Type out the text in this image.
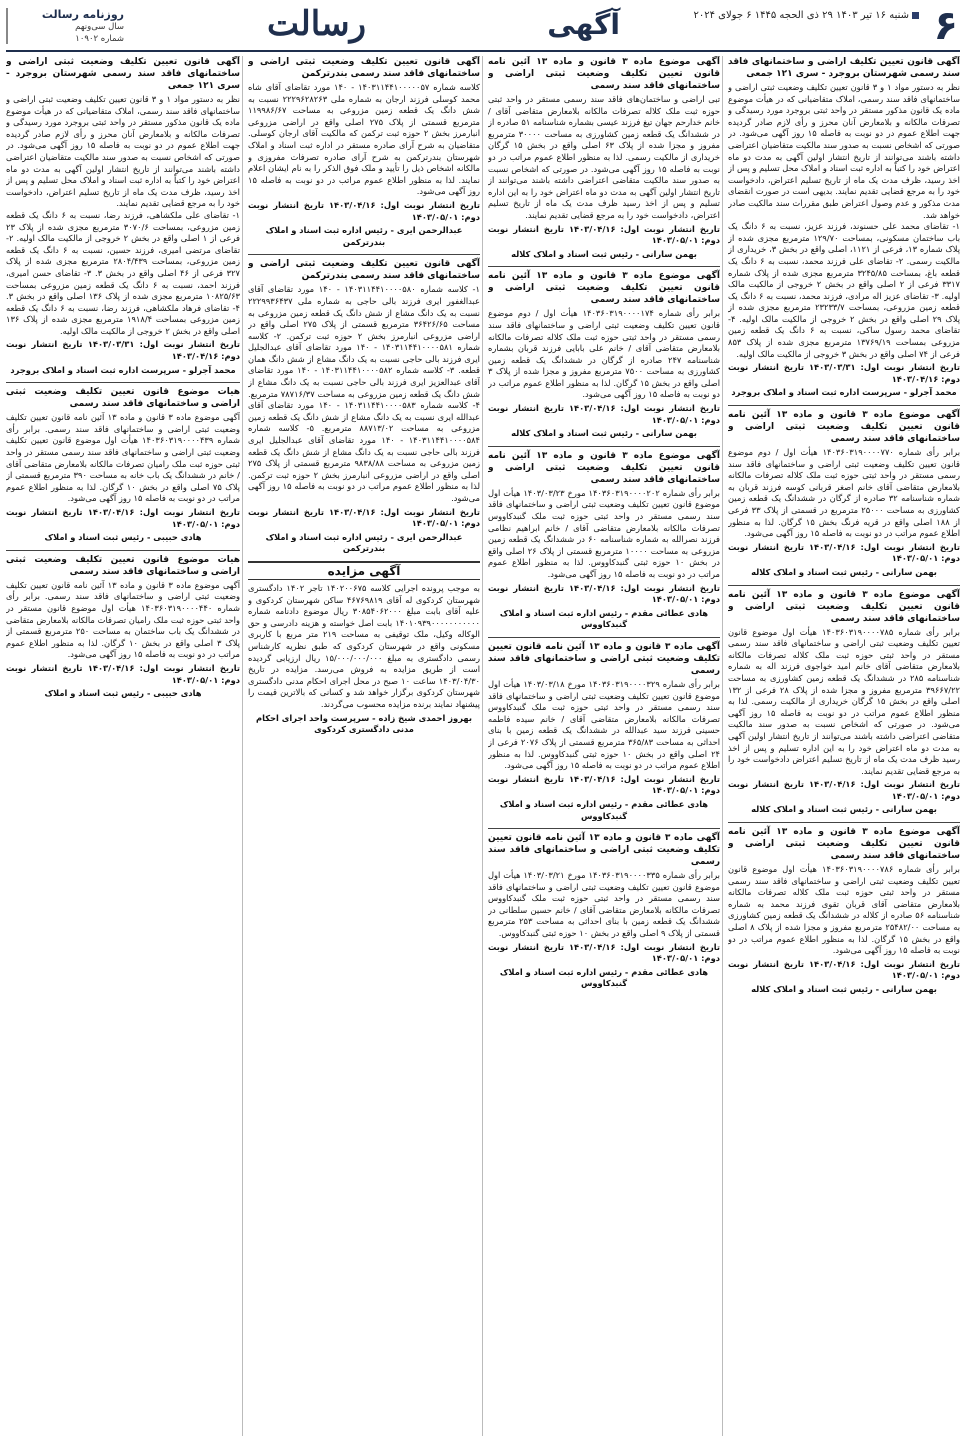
۶
شنبه ۱۶ تیر ۱۴۰۳ ۲۹ ذی الحجه ۱۴۴۵ ۶ جولای ۲۰۲۴
آگهی
رسالت
روزنامه رسالت
سال سی‌ونهم
شماره ۱۰۹۰۲
آگهی قانون تعیین تکلیف اراضی و ساختمانهای فاقد سند رسمی شهرستان بروجرد - سری ۱۲۱ جمعی

نظر به دستور مواد ۱ و ۳ قانون تعیین تکلیف وضعیت ثبتی اراضی و ساختمانهای فاقد سند رسمی، املاک متقاضیانی که در هیأت موضوع ماده یک قانون مذکور مستقر در واحد ثبتی بروجرد مورد رسیدگی و تصرفات مالکانه و بلامعارض آنان محرز و رأی لازم صادر گردیده جهت اطلاع عموم در دو نوبت به فاصله ۱۵ روز آگهی می‌شود. در صورتی که اشخاص نسبت به صدور سند مالکیت متقاضیان اعتراضی داشته باشند می‌توانند از تاریخ انتشار اولین آگهی به مدت دو ماه اعتراض خود را کتباً به اداره ثبت اسناد و املاک محل تسلیم و پس از اخذ رسید، ظرف مدت یک ماه از تاریخ تسلیم اعتراض، دادخواست خود را به مرجع قضایی تقدیم نمایند. بدیهی است در صورت انقضای مدت مذکور و عدم وصول اعتراض طبق مقررات سند مالکیت صادر خواهد شد.

۱- تقاضای محمد علی حسنوند، فرزند عزیز، نسبت به ۶ دانگ یک باب ساختمان مسکونی، بمساحت ۱۲۹/۷۰ مترمربع مجزی شده از پلاک شماره ۱۳، فرعی از ۱۱۲۱، اصلی واقع در بخش ۳، خریداری از مالکیت رسمی. ۲- تقاضای علی فرزند محمد، نسبت به ۶ دانگ یک قطعه باغ، بمساحت ۳۲۴۵/۸۵ مترمربع مجزی شده از پلاک شماره ۳۳۱۷ فرعی از ۲ اصلی واقع در بخش ۲ خروجی از مالکیت مالک اولیه. ۳- تقاضای عزیز اله مرادی، فرزند محمد، نسبت به ۶ دانگ یک قطعه زمین مزروعی، بمساحت ۲۳۲۳۳/۷ مترمربع مجزی شده از پلاک ۲۹ اصلی واقع در بخش ۲ خروجی از مالکیت مالک اولیه. ۴- تقاضای محمد رسول ساکی، نسبت به ۶ دانگ یک قطعه زمین مزروعی بمساحت ۱۳۷۶۹/۱۹ مترمربع مجزی شده از پلاک ۸۵۳ فرعی از ۷۴ اصلی واقع در بخش ۳ خروجی از مالکیت مالک اولیه.

تاریخ انتشار نوبت اول: ۱۴۰۳/۰۳/۳۱ تاریخ انتشار نوبت دوم: ۱۴۰۳/۰۴/۱۶
محمد آجرلو - سرپرست اداره ثبت اسناد و املاک بروجرد
آگهی موضوع ماده ۳ قانون و ماده ۱۳ آئین نامه قانون تعیین تکلیف وضعیت ثبتی اراضی و ساختمانهای فاقد سند رسمی

برابر رأی شماره ۱۴۰۳۶۰۳۱۹۰۰۰۰۷۷۰ هیأت اول / دوم موضوع قانون تعیین تکلیف وضعیت ثبتی اراضی و ساختمانهای فاقد سند رسمی مستقر در واحد ثبتی حوزه ثبت ملک کلاله تصرفات مالکانه بلامعارض متقاضی آقای خانم اصغر قربانی کوسه فرزند قربان به شماره شناسنامه ۳۲ صادره از گرگان در ششدانگ یک قطعه زمین کشاورزی به مساحت ۲۵۰۰۰ مترمربع در قسمتی از پلاک ۳۳ فرعی از ۱۸۸ اصلی واقع در قریه فرنگ بخش ۱۵ گرگان. لذا به منظور اطلاع عموم مراتب در دو نوبت به فاصله ۱۵ روز آگهی می‌شود.

تاریخ انتشار نوبت اول: ۱۴۰۳/۰۴/۱۶ تاریخ انتشار نوبت دوم: ۱۴۰۳/۰۵/۰۱
بهمن سارانی - رئیس ثبت اسناد و املاک کلاله
آگهی موضوع ماده ۳ قانون و ماده ۱۳ آئین نامه قانون تعیین تکلیف وضعیت ثبتی اراضی و ساختمانهای فاقد سند رسمی

برابر رأی شماره ۱۴۰۳۶۰۳۱۹۰۰۰۰۷۸۵ هیأت اول موضوع قانون تعیین تکلیف وضعیت ثبتی اراضی و ساختمانهای فاقد سند رسمی مستقر در واحد ثبتی حوزه ثبت ملک کلاله تصرفات مالکانه بلامعارض متقاضی آقای خانم امید خواجوی فرزند اله به شماره شناسنامه ۲۸۵ در ششدانگ یک قطعه زمین کشاورزی به مساحت ۳۹۶۶۷/۲۲ مترمربع مفروز و مجزا شده از پلاک ۲۸ فرعی از ۱۳۲ اصلی واقع در بخش ۱۵ گرگان خریداری از مالکیت رسمی. لذا به منظور اطلاع عموم مراتب در دو نوبت به فاصله ۱۵ روز آگهی می‌شود. در صورتی که اشخاص نسبت به صدور سند مالکیت متقاضی اعتراضی داشته باشند می‌توانند از تاریخ انتشار اولین آگهی به مدت دو ماه اعتراض خود را به این اداره تسلیم و پس از اخذ رسید ظرف مدت یک ماه از تاریخ تسلیم اعتراض دادخواست خود را به مرجع قضایی تقدیم نمایند.

تاریخ انتشار نوبت اول: ۱۴۰۳/۰۴/۱۶ تاریخ انتشار نوبت دوم: ۱۴۰۳/۰۵/۰۱
بهمن سارانی - رئیس ثبت اسناد و املاک کلاله
آگهی موضوع ماده ۳ قانون و ماده ۱۳ آئین نامه قانون تعیین تکلیف وضعیت ثبتی اراضی و ساختمانهای فاقد سند رسمی

برابر رأی شماره ۱۴۰۳۶۰۳۱۹۰۰۰۰۷۸۶ هیأت اول موضوع قانون تعیین تکلیف وضعیت ثبتی اراضی و ساختمانهای فاقد سند رسمی مستقر در واحد ثبتی حوزه ثبت ملک کلاله تصرفات مالکانه بلامعارض متقاضی آقای قربان تقوی فرزند محمد به شماره شناسنامه ۵۶ صادره از کلاله در ششدانگ یک قطعه زمین کشاورزی به مساحت ۲۵۴۸۲/۰۰ مترمربع مفروز و مجزا شده از پلاک ۸ اصلی واقع در بخش ۱۵ گرگان. لذا به منظور اطلاع عموم مراتب در دو نوبت به فاصله ۱۵ روز آگهی می‌شود.

تاریخ انتشار نوبت اول: ۱۴۰۳/۰۴/۱۶ تاریخ انتشار نوبت دوم: ۱۴۰۳/۰۵/۰۱
بهمن سارانی - رئیس ثبت اسناد و املاک کلاله
آگهی موضوع ماده ۳ قانون و ماده ۱۳ آئین نامه قانون تعیین تکلیف وضعیت ثبتی اراضی و ساختمانهای فاقد سند رسمی

تبی اراضی و ساختمان‌های فاقد سند رسمی مستقر در واحد ثبتی حوزه ثبت ملک کلاله تصرفات مالکانه بلامعارض متقاضی آقای / خانم خدارحم جهان تیغ فرزند عیسی بشماره شناسنامه ۵۱ صادره از در ششدانگ یک قطعه زمین کشاورزی به مساحت ۳۰۰۰۰ مترمربع مفروز و مجزا شده از پلاک ۶۳ اصلی واقع در بخش ۱۵ گرگان خریداری از مالکیت رسمی. لذا به منظور اطلاع عموم مراتب در دو نوبت به فاصله ۱۵ روز آگهی می‌شود. در صورتی که اشخاص نسبت به صدور سند مالکیت متقاضی اعتراضی داشته باشند می‌توانند از تاریخ انتشار اولین آگهی به مدت دو ماه اعتراض خود را به این اداره تسلیم و پس از اخذ رسید ظرف مدت یک ماه از تاریخ تسلیم اعتراض، دادخواست خود را به مرجع قضایی تقدیم نمایند.

تاریخ انتشار نوبت اول: ۱۴۰۳/۰۴/۱۶ تاریخ انتشار نوبت دوم: ۱۴۰۳/۰۵/۰۱
بهمن سارانی - رئیس ثبت اسناد و املاک کلاله
آگهی موضوع ماده ۳ قانون و ماده ۱۳ آئین نامه قانون تعیین تکلیف وضعیت ثبتی اراضی و ساختمانهای فاقد سند رسمی

برابر رأی شماره ۱۴۰۳۶۰۳۱۹۰۰۰۰۱۷۴ هیأت اول / دوم موضوع قانون تعیین تکلیف وضعیت ثبتی اراضی و ساختمانهای فاقد سند رسمی مستقر در واحد ثبتی حوزه ثبت ملک کلاله تصرفات مالکانه بلامعارض متقاضی آقای / خانم علی بابایی فرزند قربان بشماره شناسنامه ۲۴۷ صادره از گرگان در ششدانگ یک قطعه زمین کشاورزی به مساحت ۷۵۰۰ مترمربع مفروز و مجزا شده از پلاک ۳ اصلی واقع در بخش ۱۵ گرگان. لذا به منظور اطلاع عموم مراتب در دو نوبت به فاصله ۱۵ روز آگهی می‌شود.

تاریخ انتشار نوبت اول: ۱۴۰۳/۰۴/۱۶ تاریخ انتشار نوبت دوم: ۱۴۰۳/۰۵/۰۱
بهمن سارانی - رئیس ثبت اسناد و املاک کلاله
آگهی موضوع ماده ۳ قانون و ماده ۱۳ آئین نامه قانون تعیین تکلیف وضعیت ثبتی اراضی و ساختمانهای فاقد سند رسمی

برابر رأی شماره ۱۴۰۳۶۰۳۱۹۰۰۰۰۲۰۲ مورخ ۱۴۰۳/۰۳/۲۳ هیأت اول موضوع قانون تعیین تکلیف وضعیت ثبتی اراضی و ساختمانهای فاقد سند رسمی مستقر در واحد ثبتی حوزه ثبت ملک گنبدکاووس تصرفات مالکانه بلامعارض متقاضی آقای / خانم ابراهیم نظامی فرزند نصرالله به شماره شناسنامه ۶۰ در ششدانگ یک قطعه زمین مزروعی به مساحت ۱۰۰۰۰ مترمربع قسمتی از پلاک ۲۶ اصلی واقع در بخش ۱۰ حوزه ثبتی گنبدکاووس. لذا به منظور اطلاع عموم مراتب در دو نوبت به فاصله ۱۵ روز آگهی می‌شود.

تاریخ انتشار نوبت اول: ۱۴۰۳/۰۴/۱۶ تاریخ انتشار نوبت دوم: ۱۴۰۳/۰۵/۰۱
هادی عطائی مقدم - رئیس اداره ثبت اسناد و املاک گنبدکاووس
آگهی ماده ۳ قانون و ماده ۱۳ آئین نامه قانون تعیین تکلیف وضعیت ثبتی اراضی و ساختمانهای فاقد سند رسمی

برابر رأی شماره ۱۴۰۳۶۰۳۱۹۰۰۰۰۳۲۹ مورخ ۱۴۰۳/۰۳/۱۸ هیأت اول موضوع قانون تعیین تکلیف وضعیت ثبتی اراضی و ساختمانهای فاقد سند رسمی مستقر در واحد ثبتی حوزه ثبت ملک گنبدکاووس تصرفات مالکانه بلامعارض متقاضی آقای / خانم سیده فاطمه حسینی فرزند سید عبدالله در ششدانگ یک قطعه زمین با بنای احداثی به مساحت ۳۶۵/۸۳ مترمربع قسمتی از پلاک ۲۰۷۶ فرعی از ۲۴ اصلی واقع در بخش ۱۰ حوزه ثبتی گنبدکاووس. لذا به منظور اطلاع عموم مراتب در دو نوبت به فاصله ۱۵ روز آگهی می‌شود.

تاریخ انتشار نوبت اول: ۱۴۰۳/۰۴/۱۶ تاریخ انتشار نوبت دوم: ۱۴۰۳/۰۵/۰۱
هادی عطائی مقدم - رئیس اداره ثبت اسناد و املاک گنبدکاووس
آگهی ماده ۳ قانون و ماده ۱۳ آئین نامه قانون تعیین تکلیف وضعیت ثبتی اراضی و ساختمانهای فاقد سند رسمی

برابر رأی شماره ۱۴۰۳۶۰۳۱۹۰۰۰۰۳۳۵ مورخ ۱۴۰۳/۰۳/۲۱ هیأت اول موضوع قانون تعیین تکلیف وضعیت ثبتی اراضی و ساختمانهای فاقد سند رسمی مستقر در واحد ثبتی حوزه ثبت ملک گنبدکاووس تصرفات مالکانه بلامعارض متقاضی آقای / خانم حسین سلطانی در ششدانگ یک قطعه زمین با بنای احداثی به مساحت ۲۵۳ مترمربع قسمتی از پلاک ۹ اصلی واقع در بخش ۱۰ حوزه ثبتی گنبدکاووس.

تاریخ انتشار نوبت اول: ۱۴۰۳/۰۴/۱۶ تاریخ انتشار نوبت دوم: ۱۴۰۳/۰۵/۰۱
هادی عطائی مقدم - رئیس اداره ثبت اسناد و املاک گنبدکاووس
آگهی قانون تعیین تکلیف وضعیت ثبتی اراضی و ساختمانهای فاقد سند رسمی بندرترکمن

کلاسه شماره ۱۴۰۳۱۱۴۴۱۰۰۰۰۰۵۷ - ۱۴۰ مورد تقاضای آقای شاه محمد کوسلی فرزند ارجان به شماره ملی ۲۲۲۹۶۲۸۲۶۳ نسبت به شش دانگ یک قطعه زمین مزروعی به مساحت ۱۱۹۹۸۶/۶۷ مترمربع قسمتی از پلاک ۲۷۵ اصلی واقع در اراضی مزروعی انبارمرز بخش ۲ حوزه ثبت ترکمن که مالکیت آقای ارجان کوسلی. متقاضیان به شرح آرای صادره مستقر در اداره ثبت اسناد و املاک شهرستان بندرترکمن به شرح آرای صادره تصرفات مفروزی و مالکانه اشخاص ذیل را تأیید و ملک فوق الذکر را به نام ایشان اعلام نمایند. لذا به منظور اطلاع عموم مراتب در دو نوبت به فاصله ۱۵ روز آگهی می‌شود.

تاریخ انتشار نوبت اول: ۱۴۰۳/۰۴/۱۶ تاریخ انتشار نوبت دوم: ۱۴۰۳/۰۵/۰۱
عبدالرحمن ایری - رئیس اداره ثبت اسناد و املاک بندرترکمن
آگهی قانون تعیین تکلیف وضعیت ثبتی اراضی و ساختمانهای فاقد سند رسمی بندرترکمن

۱- کلاسه شماره ۱۴۰۳۱۱۴۴۱۰۰۰۰۵۸۰ - ۱۴۰ مورد تقاضای آقای عبدالغفور ایری فرزند بالی حاجی به شماره ملی ۲۲۲۹۹۳۶۴۳۷ نسبت به یک دانگ مشاع از شش دانگ یک قطعه زمین مزروعی به مساحت ۳۶۴۲۶/۶۵ مترمربع قسمتی از پلاک ۲۷۵ اصلی واقع در اراضی مزروعی انبارمرز بخش ۲ حوزه ثبت ترکمن. ۲- کلاسه شماره ۱۴۰۳۱۱۴۴۱۰۰۰۰۵۸۱ - ۱۴۰ مورد تقاضای آقای عبدالجلیل ایری فرزند بالی حاجی نسبت به یک دانگ مشاع از شش دانگ همان قطعه. ۳- کلاسه شماره ۱۴۰۳۱۱۴۴۱۰۰۰۰۵۸۲ - ۱۴۰ مورد تقاضای آقای عبدالعزیز ایری فرزند بالی حاجی نسبت به یک دانگ مشاع از شش دانگ یک قطعه زمین مزروعی به مساحت ۷۸۷۱۶/۳۷ مترمربع. ۴- کلاسه شماره ۱۴۰۳۱۱۴۴۱۰۰۰۰۵۸۳ - ۱۴۰ مورد تقاضای آقای عبدالله ایری نسبت به یک دانگ مشاع از شش دانگ یک قطعه زمین مزروعی به مساحت ۸۸۷۱۳/۰۲ مترمربع. ۵- کلاسه شماره ۱۴۰۳۱۱۴۴۱۰۰۰۰۵۸۴ - ۱۴۰ مورد تقاضای آقای عبدالجلیل ایری فرزند بالی حاجی نسبت به یک دانگ مشاع از شش دانگ یک قطعه زمین مزروعی به مساحت ۹۸۳۸/۸۸ مترمربع قسمتی از پلاک ۲۷۵ اصلی واقع در اراضی مزروعی انبارمرز بخش ۲ حوزه ثبت ترکمن. لذا به منظور اطلاع عموم مراتب در دو نوبت به فاصله ۱۵ روز آگهی می‌شود.

تاریخ انتشار نوبت اول: ۱۴۰۳/۰۴/۱۶ تاریخ انتشار نوبت دوم: ۱۴۰۳/۰۵/۰۱
عبدالرحمن ایری - رئیس اداره ثبت اسناد و املاک بندرترکمن
آگهی مزایده

به موجب پرونده اجرایی کلاسه ۱۴۰۲۰۰۶۷۵ تاجر ۱۴۰۲ دادگستری شهرستان کردکوی له آقای ۴۶۷۶۹۸۱۹ ساکن شهرستان کردکوی و علیه آقای بابت مبلغ ۳۰۸۵۴۰۶۲۰۰۰ ریال موضوع دادنامه شماره ۱۴۰۱۰۹۳۹۰۰۰۰۰۰۰۰۰۰۰ بابت اصل خواسته و هزینه دادرسی و حق الوکاله وکیل، ملک توقیفی به مساحت ۲۱۹ متر مربع با کاربری مسکونی واقع در شهرستان کردکوی که طبق نظریه کارشناس رسمی دادگستری به مبلغ ۱۵/۰۰۰/۰۰۰/۰۰۰ ریال ارزیابی گردیده است از طریق مزایده به فروش می‌رسد. مزایده در تاریخ ۱۴۰۳/۰۴/۳۰ ساعت ۱۰ صبح در محل اجرای احکام مدنی دادگستری شهرستان کردکوی برگزار خواهد شد و کسانی که بالاترین قیمت را پیشنهاد نمایند برنده مزایده محسوب می‌گردند.

بهروز احمدی شیخ زاده - سرپرست واحد اجرای احکام مدنی دادگستری کردکوی
آگهی قانون تعیین تکلیف وضعیت ثبتی اراضی و ساختمانهای فاقد سند رسمی شهرستان بروجرد - سری ۱۲۱ جمعی

نظر به دستور مواد ۱ و ۳ قانون تعیین تکلیف وضعیت ثبتی اراضی و ساختمانهای فاقد سند رسمی، املاک متقاضیانی که در هیأت موضوع ماده یک قانون مذکور مستقر در واحد ثبتی بروجرد مورد رسیدگی و تصرفات مالکانه و بلامعارض آنان محرز و رأی لازم صادر گردیده جهت اطلاع عموم در دو نوبت به فاصله ۱۵ روز آگهی می‌شود. در صورتی که اشخاص نسبت به صدور سند مالکیت متقاضیان اعتراضی داشته باشند می‌توانند از تاریخ انتشار اولین آگهی به مدت دو ماه اعتراض خود را کتباً به اداره ثبت اسناد و املاک محل تسلیم و پس از اخذ رسید، ظرف مدت یک ماه از تاریخ تسلیم اعتراض، دادخواست خود را به مرجع قضایی تقدیم نمایند.

۱- تقاضای علی ملکشاهی، فرزند رضا، نسبت به ۶ دانگ یک قطعه زمین مزروعی، بمساحت ۳۰۷۰/۶ مترمربع مجزی شده از پلاک ۲۳ فرعی از ۱ اصلی واقع در بخش ۲ خروجی از مالکیت مالک اولیه. ۲- تقاضای مرتضی امیری، فرزند حسین، نسبت به ۶ دانگ یک قطعه زمین مزروعی، بمساحت ۲۸۰۴/۴۳۹ مترمربع مجزی شده از پلاک ۳۲۷ فرعی از ۴۶ اصلی واقع در بخش ۳. ۳- تقاضای حسن امیری، فرزند احمد، نسبت به ۶ دانگ یک قطعه زمین مزروعی بمساحت ۱۰۸۲۵/۶۳ مترمربع مجزی شده از پلاک ۱۳۶ اصلی واقع در بخش ۳. ۴- تقاضای فرهاد ملکشاهی، فرزند رضا، نسبت به ۶ دانگ یک قطعه زمین مزروعی بمساحت ۱۹۱۸/۴ مترمربع مجزی شده از پلاک ۱۳۶ اصلی واقع در بخش ۲ خروجی از مالکیت مالک اولیه.

تاریخ انتشار نوبت اول: ۱۴۰۳/۰۳/۳۱ تاریخ انتشار نوبت دوم: ۱۴۰۳/۰۴/۱۶
محمد آجرلو - سرپرست اداره ثبت اسناد و املاک بروجرد
هیات موضوع قانون تعیین تکلیف وضعیت ثبتی اراضی و ساختمانهای فاقد سند رسمی

آگهی موضوع ماده ۳ قانون و ماده ۱۳ آئین نامه قانون تعیین تکلیف وضعیت ثبتی اراضی و ساختمانهای فاقد سند رسمی. برابر رأی شماره ۱۴۰۳۶۰۳۱۹۰۰۰۰۴۳۹ هیأت اول موضوع قانون تعیین تکلیف وضعیت ثبتی اراضی و ساختمانهای فاقد سند رسمی مستقر در واحد ثبتی حوزه ثبت ملک رامیان تصرفات مالکانه بلامعارض متقاضی آقای / خانم در ششدانگ یک باب خانه به مساحت ۳۹۰ مترمربع قسمتی از پلاک ۷۵ اصلی واقع در بخش ۱۰ گرگان. لذا به منظور اطلاع عموم مراتب در دو نوبت به فاصله ۱۵ روز آگهی می‌شود.

تاریخ انتشار نوبت اول: ۱۴۰۳/۰۴/۱۶ تاریخ انتشار نوبت دوم: ۱۴۰۳/۰۵/۰۱
هادی حبیبی - رئیس ثبت اسناد و املاک
هیات موضوع قانون تعیین تکلیف وضعیت ثبتی اراضی و ساختمانهای فاقد سند رسمی

آگهی موضوع ماده ۳ قانون و ماده ۱۳ آئین نامه قانون تعیین تکلیف وضعیت ثبتی اراضی و ساختمانهای فاقد سند رسمی. برابر رأی شماره ۱۴۰۳۶۰۳۱۹۰۰۰۰۴۴۰ هیأت اول موضوع قانون مستقر در واحد ثبتی حوزه ثبت ملک رامیان تصرفات مالکانه بلامعارض متقاضی در ششدانگ یک باب ساختمان به مساحت ۲۵۰ مترمربع قسمتی از پلاک ۳ اصلی واقع در بخش ۱۰ گرگان. لذا به منظور اطلاع عموم مراتب در دو نوبت به فاصله ۱۵ روز آگهی می‌شود.

تاریخ انتشار نوبت اول: ۱۴۰۳/۰۴/۱۶ تاریخ انتشار نوبت دوم: ۱۴۰۳/۰۵/۰۱
هادی حبیبی - رئیس ثبت اسناد و املاک
